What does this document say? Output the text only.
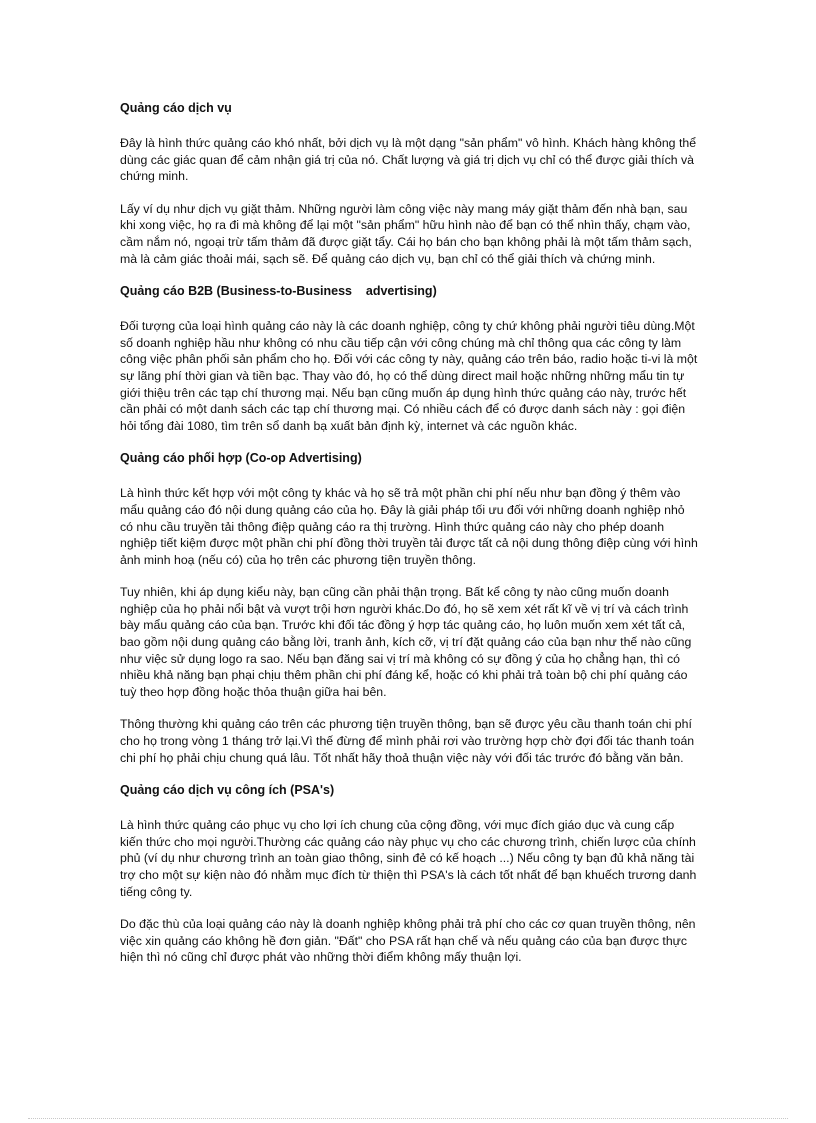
Quảng cáo dịch vụ

Đây là hình thức quảng cáo khó nhất, bởi dịch vụ là một dạng "sản phẩm" vô hình. Khách hàng không thể dùng các giác quan để cảm nhận giá trị của nó. Chất lượng và giá trị dịch vụ chỉ có thể được giải thích và chứng minh.

Lấy ví dụ như dịch vụ giặt thảm. Những người làm công việc này mang máy giặt thảm đến nhà bạn, sau khi xong việc, họ ra đi mà không để lại một "sản phẩm" hữu hình nào để bạn có thể nhìn thấy, chạm vào, cầm nắm nó, ngoại trừ tấm thảm đã được giặt tẩy. Cái họ bán cho bạn không phải là một tấm thảm sạch, mà là cảm giác thoải mái, sạch sẽ. Để quảng cáo dịch vụ, bạn chỉ có thể giải thích và chứng minh.

Quảng cáo B2B (Business-to-Business    advertising)

Đối tượng của loại hình quảng cáo này là các doanh nghiệp, công ty chứ không phải người tiêu dùng.Một số doanh nghiệp hầu như không có nhu cầu tiếp cận với công chúng mà chỉ thông qua các công ty làm công việc phân phối sản phẩm cho họ. Đối với các công ty này, quảng cáo trên báo, radio hoặc ti-vi là một sự lãng phí thời gian và tiền bạc. Thay vào đó, họ có thể dùng direct mail hoặc những những mẩu tin tự giới thiệu trên các tạp chí thương mại. Nếu bạn cũng muốn áp dụng hình thức quảng cáo này, trước hết cần phải có một danh sách các tạp chí thương mại. Có nhiều cách để có được danh sách này : gọi điện hỏi tổng đài 1080, tìm trên sổ danh bạ xuất bản định kỳ, internet và các nguồn khác.

Quảng cáo phối hợp (Co-op Advertising)

Là hình thức kết hợp với một công ty khác và họ sẽ trả một phần chi phí nếu như bạn đồng ý thêm vào mẩu quảng cáo đó nội dung quảng cáo của họ. Đây là giải pháp tối ưu đối với những doanh nghiệp nhỏ có nhu cầu truyền tải thông điệp quảng cáo ra thị trường. Hình thức quảng cáo này cho phép doanh nghiệp tiết kiệm được một phần chi phí đồng thời truyền tải được tất cả nội dung thông điệp cùng với hình ảnh minh hoạ (nếu có) của họ trên các phương tiện truyền thông.

Tuy nhiên, khi áp dụng kiểu này, bạn cũng cần phải thận trọng. Bất kể công ty nào cũng muốn doanh nghiệp của họ phải nổi bật và vượt trội hơn người khác.Do đó, họ sẽ xem xét rất kĩ về vị trí và cách trình bày mẩu quảng cáo của bạn. Trước khi đối tác đồng ý hợp tác quảng cáo, họ luôn muốn xem xét tất cả, bao gồm nội dung quảng cáo bằng lời, tranh ảnh, kích cỡ, vị trí đặt quảng cáo của bạn như thế nào cũng như việc sử dụng logo ra sao. Nếu bạn đăng sai vị trí mà không có sự đồng ý của họ chẳng hạn, thì có nhiều khả năng bạn phại chịu thêm phần chi phí đáng kể, hoặc có khi phải trả toàn bộ chi phí quảng cáo tuỳ theo hợp đồng hoặc thỏa thuận giữa hai bên.

Thông thường khi quảng cáo trên các phương tiện truyền thông, bạn sẽ được yêu cầu thanh toán chi phí cho họ trong vòng 1 tháng trở lại.Vì thế đừng để mình phải rơi vào trường hợp chờ đợi đối tác thanh toán chi phí họ phải chịu chung quá lâu. Tốt nhất hãy thoả thuận việc này với đối tác trước đó bằng văn bản.

Quảng cáo dịch vụ công ích (PSA's)

Là hình thức quảng cáo phục vụ cho lợi ích chung của cộng đồng, với mục đích giáo dục và cung cấp kiến thức cho mọi người.Thường các quảng cáo này phục vụ cho các chương trình, chiến lược của chính phủ (ví dụ như chương trình an toàn giao thông, sinh đẻ có kế hoạch ...) Nếu công ty bạn đủ khả năng tài trợ cho một sự kiện nào đó nhằm mục đích từ thiện thì PSA's là cách tốt nhất để bạn khuếch trương danh tiếng công ty.

Do đặc thù của loại quảng cáo này là doanh nghiệp không phải trả phí cho các cơ quan truyền thông, nên việc xin quảng cáo không hề đơn giản. "Đất" cho PSA rất hạn chế và nếu quảng cáo của bạn được thực hiện thì nó cũng chỉ được phát vào những thời điểm không mấy thuận lợi.
